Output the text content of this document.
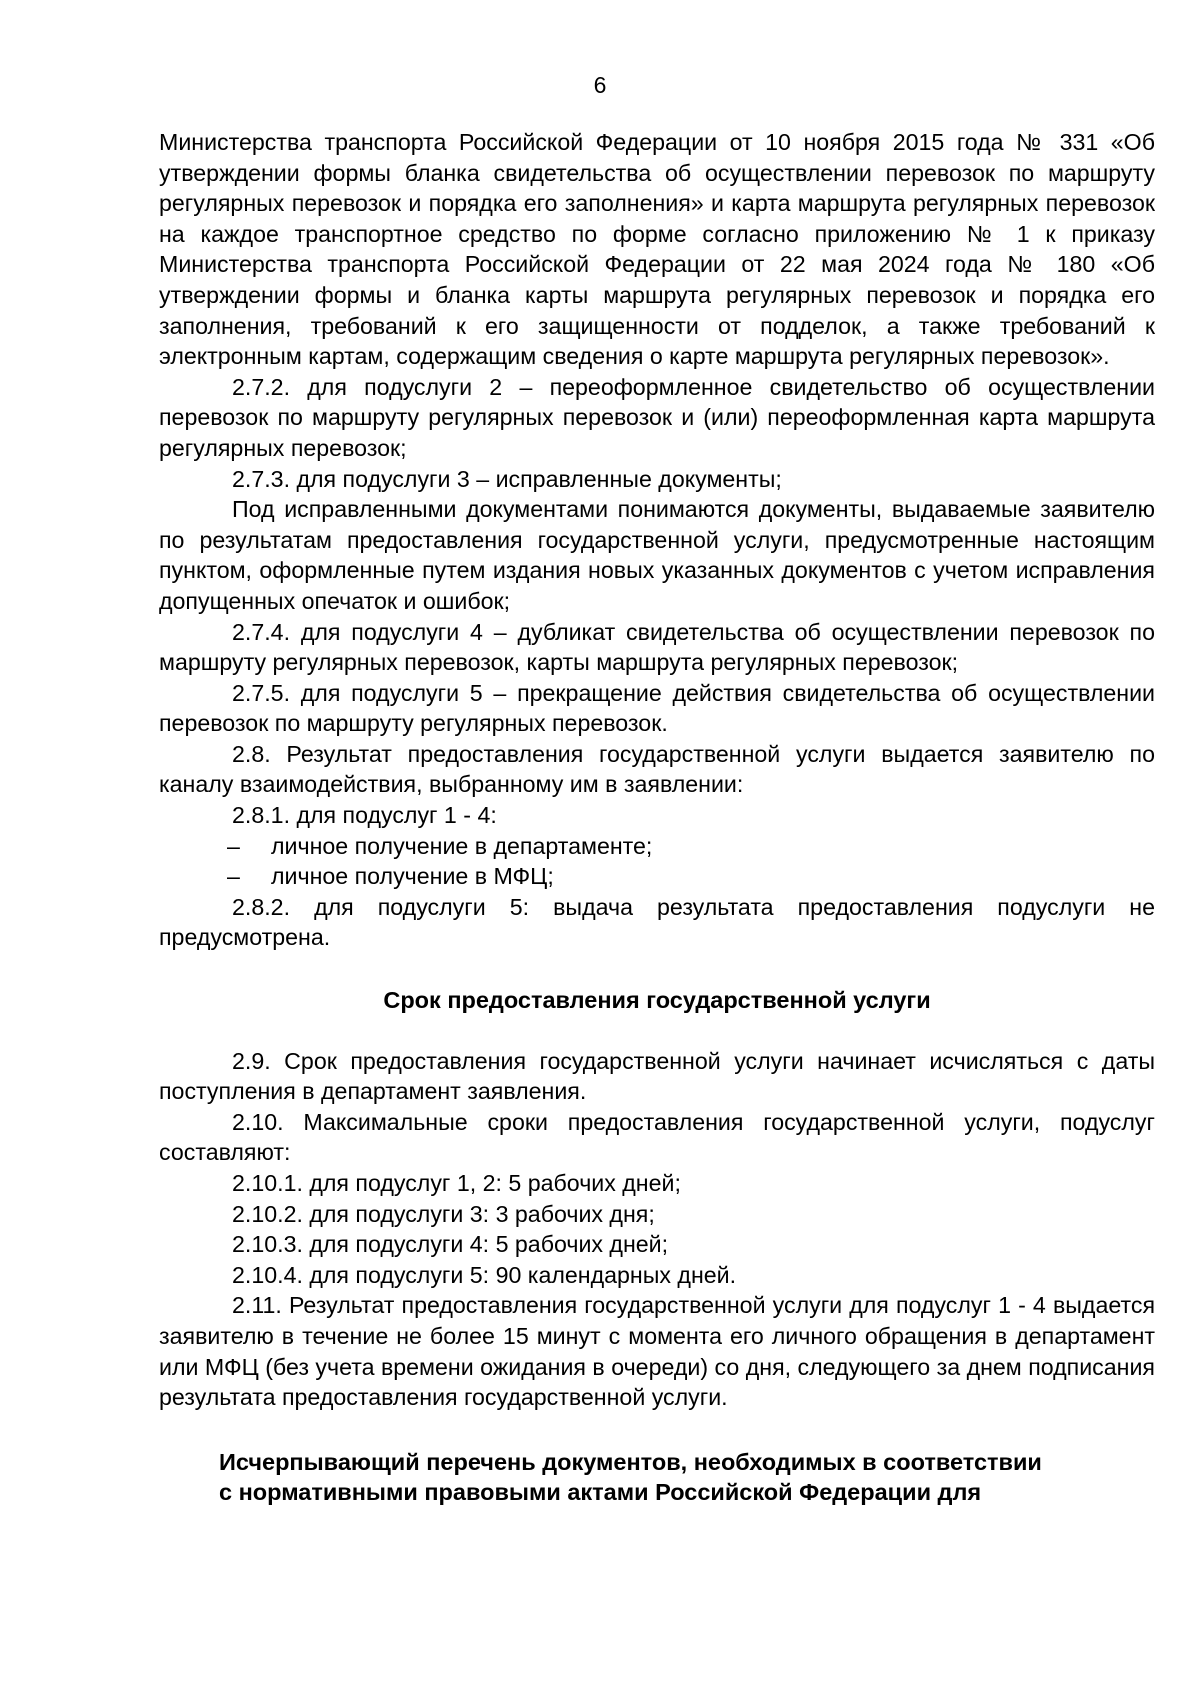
6

Министерства транспорта Российской Федерации от 10 ноября 2015 года № 331 «Об утверждении формы бланка свидетельства об осуществлении перевозок по маршруту регулярных перевозок и порядка его заполнения» и карта маршрута регулярных перевозок на каждое транспортное средство по форме согласно приложению № 1 к приказу Министерства транспорта Российской Федерации от 22 мая 2024 года № 180 «Об утверждении формы и бланка карты маршрута регулярных перевозок и порядка его заполнения, требований к его защищенности от подделок, а также требований к электронным картам, содержащим сведения о карте маршрута регулярных перевозок».

2.7.2. для подуслуги 2 – переоформленное свидетельство об осуществлении перевозок по маршруту регулярных перевозок и (или) переоформленная карта маршрута регулярных перевозок;

2.7.3. для подуслуги 3 – исправленные документы;

Под исправленными документами понимаются документы, выдаваемые заявителю по результатам предоставления государственной услуги, предусмотренные настоящим пунктом, оформленные путем издания новых указанных документов с учетом исправления допущенных опечаток и ошибок;

2.7.4. для подуслуги 4 – дубликат свидетельства об осуществлении перевозок по маршруту регулярных перевозок, карты маршрута регулярных перевозок;

2.7.5. для подуслуги 5 – прекращение действия свидетельства об осуществлении перевозок по маршруту регулярных перевозок.

2.8. Результат предоставления государственной услуги выдается заявителю по каналу взаимодействия, выбранному им в заявлении:

2.8.1. для подуслуг 1 - 4:

–	личное получение в департаменте;
–	личное получение в МФЦ;

2.8.2. для подуслуги 5: выдача результата предоставления подуслуги не предусмотрена.

Срок предоставления государственной услуги

2.9. Срок предоставления государственной услуги начинает исчисляться с даты поступления в департамент заявления.

2.10. Максимальные сроки предоставления государственной услуги, подуслуг составляют:

2.10.1. для подуслуг 1, 2: 5 рабочих дней;

2.10.2. для подуслуги 3: 3 рабочих дня;

2.10.3. для подуслуги 4: 5 рабочих дней;

2.10.4. для подуслуги 5: 90 календарных дней.

2.11. Результат предоставления государственной услуги для подуслуг 1 - 4 выдается заявителю в течение не более 15 минут с момента его личного обращения в департамент или МФЦ (без учета времени ожидания в очереди) со дня, следующего за днем подписания результата предоставления государственной услуги.

Исчерпывающий перечень документов, необходимых в соответствии
с нормативными правовыми актами Российской Федерации для
